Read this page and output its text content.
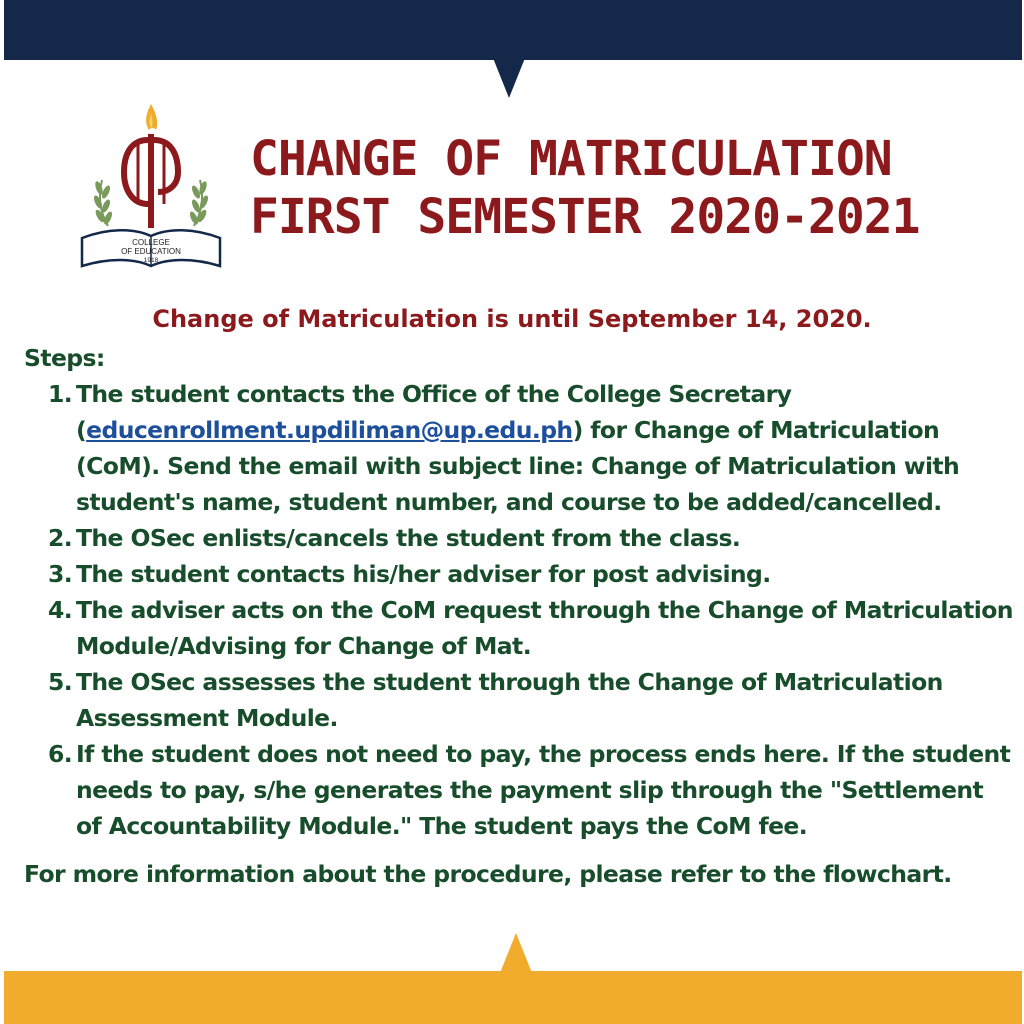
COLLEGE
OF EDUCATION
1918
CHANGE OF MATRICULATION
FIRST SEMESTER 2020-2021
Change of Matriculation is until September 14, 2020.
Steps:
1. The student contacts the Office of the College Secretary (educenrollment.updiliman@up.edu.ph) for Change of Matriculation (CoM). Send the email with subject line: Change of Matriculation with student's name, student number, and course to be added/cancelled.
2. The OSec enlists/cancels the student from the class.
3. The student contacts his/her adviser for post advising.
4. The adviser acts on the CoM request through the Change of Matriculation Module/Advising for Change of Mat.
5. The OSec assesses the student through the Change of Matriculation Assessment Module.
6. If the student does not need to pay, the process ends here. If the student needs to pay, s/he generates the payment slip through the "Settlement of Accountability Module." The student pays the CoM fee.
For more information about the procedure, please refer to the flowchart.
